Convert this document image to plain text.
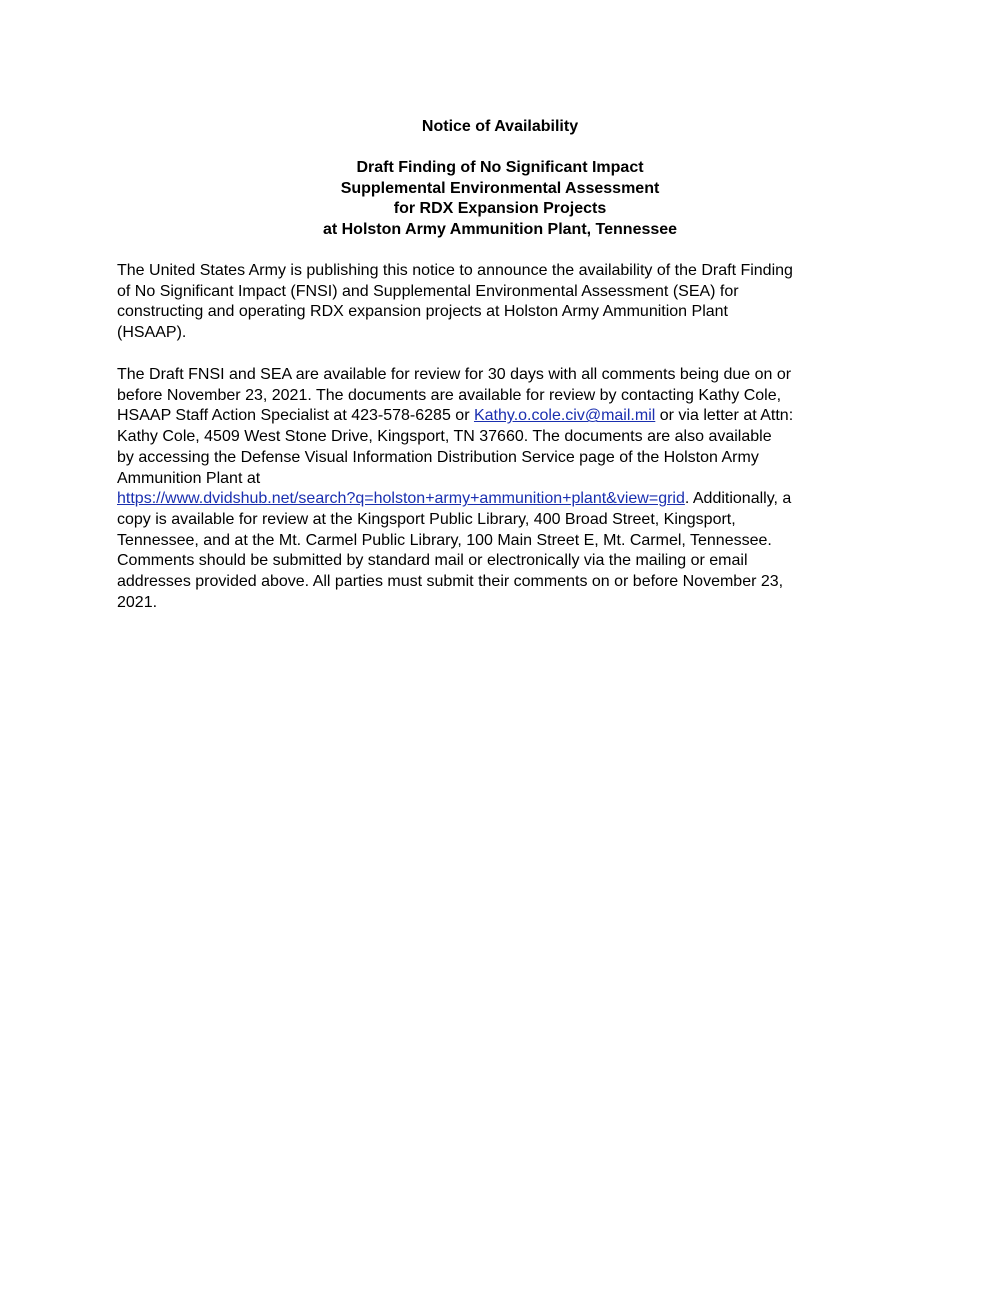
Notice of Availability
Draft Finding of No Significant Impact
Supplemental Environmental Assessment
for RDX Expansion Projects
at Holston Army Ammunition Plant, Tennessee
The United States Army is publishing this notice to announce the availability of the Draft Finding
of No Significant Impact (FNSI) and Supplemental Environmental Assessment (SEA) for
constructing and operating RDX expansion projects at Holston Army Ammunition Plant
(HSAAP).
The Draft FNSI and SEA are available for review for 30 days with all comments being due on or
before November 23, 2021. The documents are available for review by contacting Kathy Cole,
HSAAP Staff Action Specialist at 423-578-6285 or Kathy.o.cole.civ@mail.mil or via letter at Attn:
Kathy Cole, 4509 West Stone Drive, Kingsport, TN 37660. The documents are also available
by accessing the Defense Visual Information Distribution Service page of the Holston Army
Ammunition Plant at
https://www.dvidshub.net/search?q=holston+army+ammunition+plant&view=grid. Additionally, a
copy is available for review at the Kingsport Public Library, 400 Broad Street, Kingsport,
Tennessee, and at the Mt. Carmel Public Library, 100 Main Street E, Mt. Carmel, Tennessee.
Comments should be submitted by standard mail or electronically via the mailing or email
addresses provided above. All parties must submit their comments on or before November 23,
2021.
